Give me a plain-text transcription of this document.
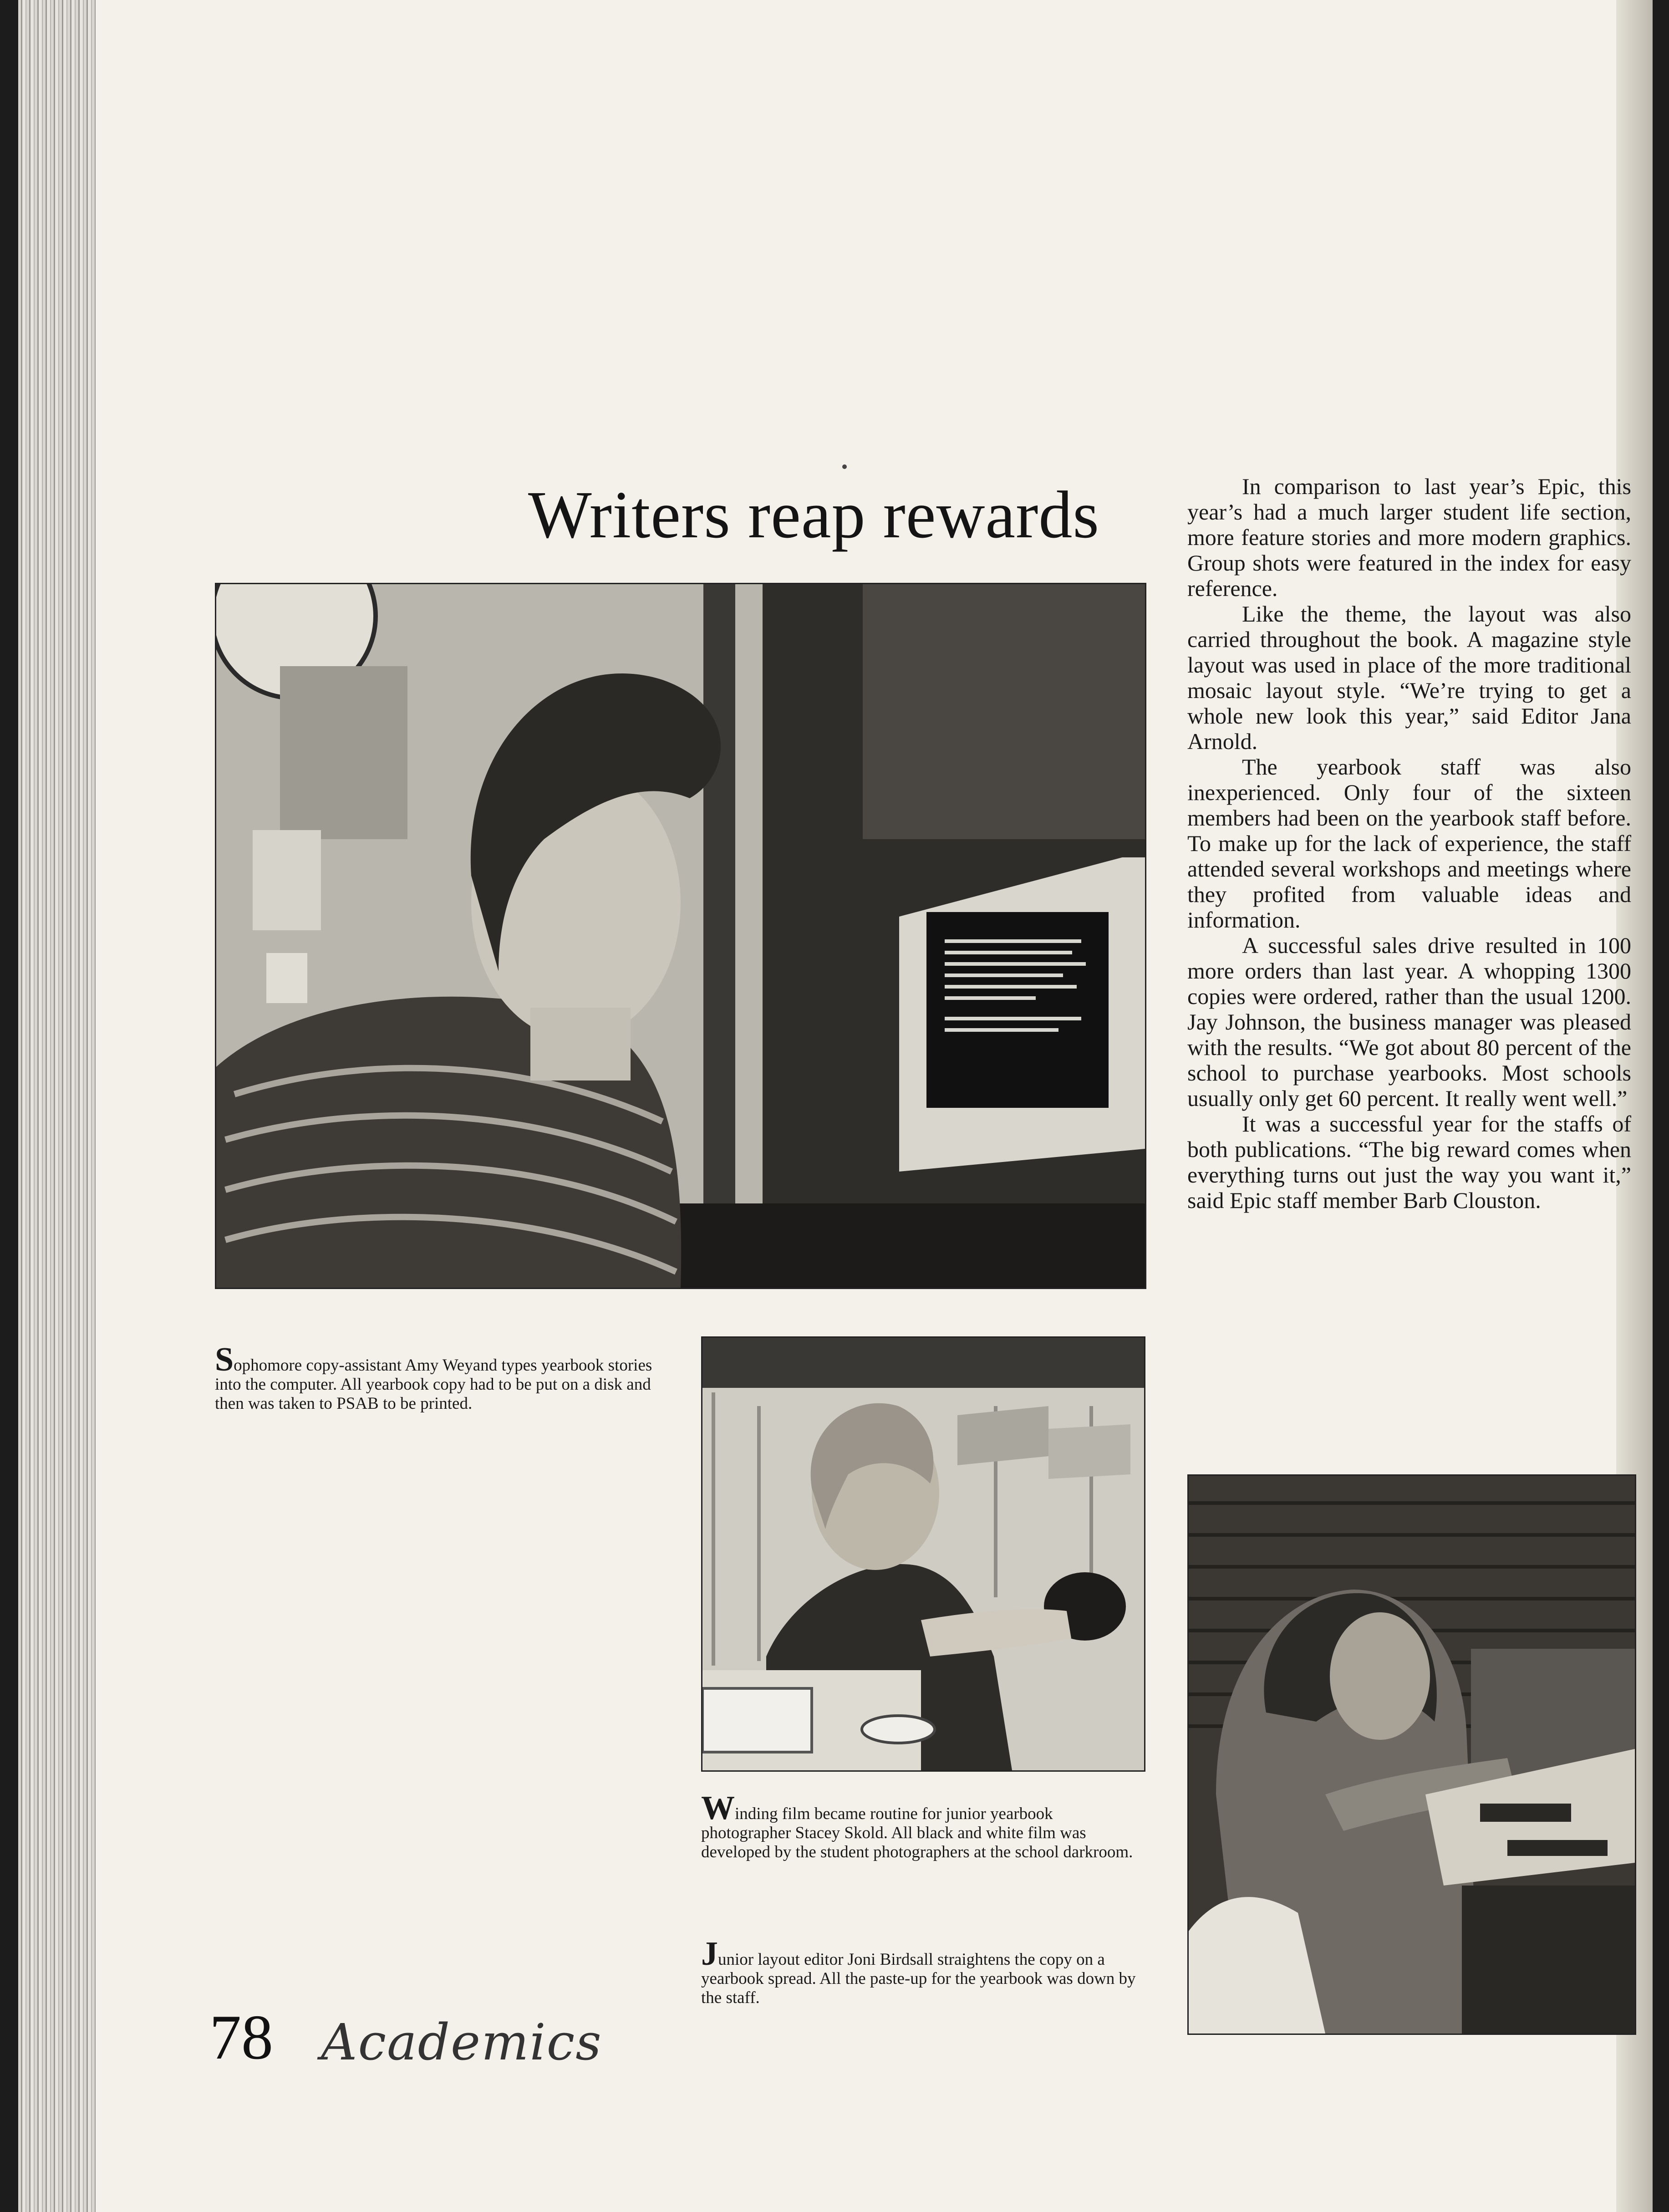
Writers reap rewards	In comparison to last year’s Epic, this year’s had a much larger student life section, more feature stories and more modern graphics. Group shots were featured in the index for easy reference.

Like the theme, the layout was also carried throughout the book. A magazine style layout was used in place of the more traditional mosaic layout style. “We’re trying to get a whole new look this year,” said Editor Jana Arnold.

The yearbook staff was also inexperienced. Only four of the sixteen members had been on the yearbook staff before. To make up for the lack of experience, the staff attended several workshops and meetings where they profited from valuable ideas and information.

A successful sales drive resulted in 100 more orders than last year. A whopping 1300 copies were ordered, rather than the usual 1200. Jay Johnson, the business manager was pleased with the results. “We got about 80 percent of the school to purchase yearbooks. Most schools usually only get 60 percent. It really went well.”

It was a successful year for the staffs of both publications. “The big reward comes when everything turns out just the way you want it,” said Epic staff member Barb Clouston.

Sophomore copy-assistant Amy Weyand types yearbook stories into the computer. All yearbook copy had to be put on a disk and then was taken to PSAB to be printed.
Winding film became routine for junior yearbook photographer Stacey Skold. All black and white film was developed by the student photographers at the school darkroom.
Junior layout editor Joni Birdsall straightens the copy on a yearbook spread. All the paste-up for the yearbook was down by the staff.
78 Academics
